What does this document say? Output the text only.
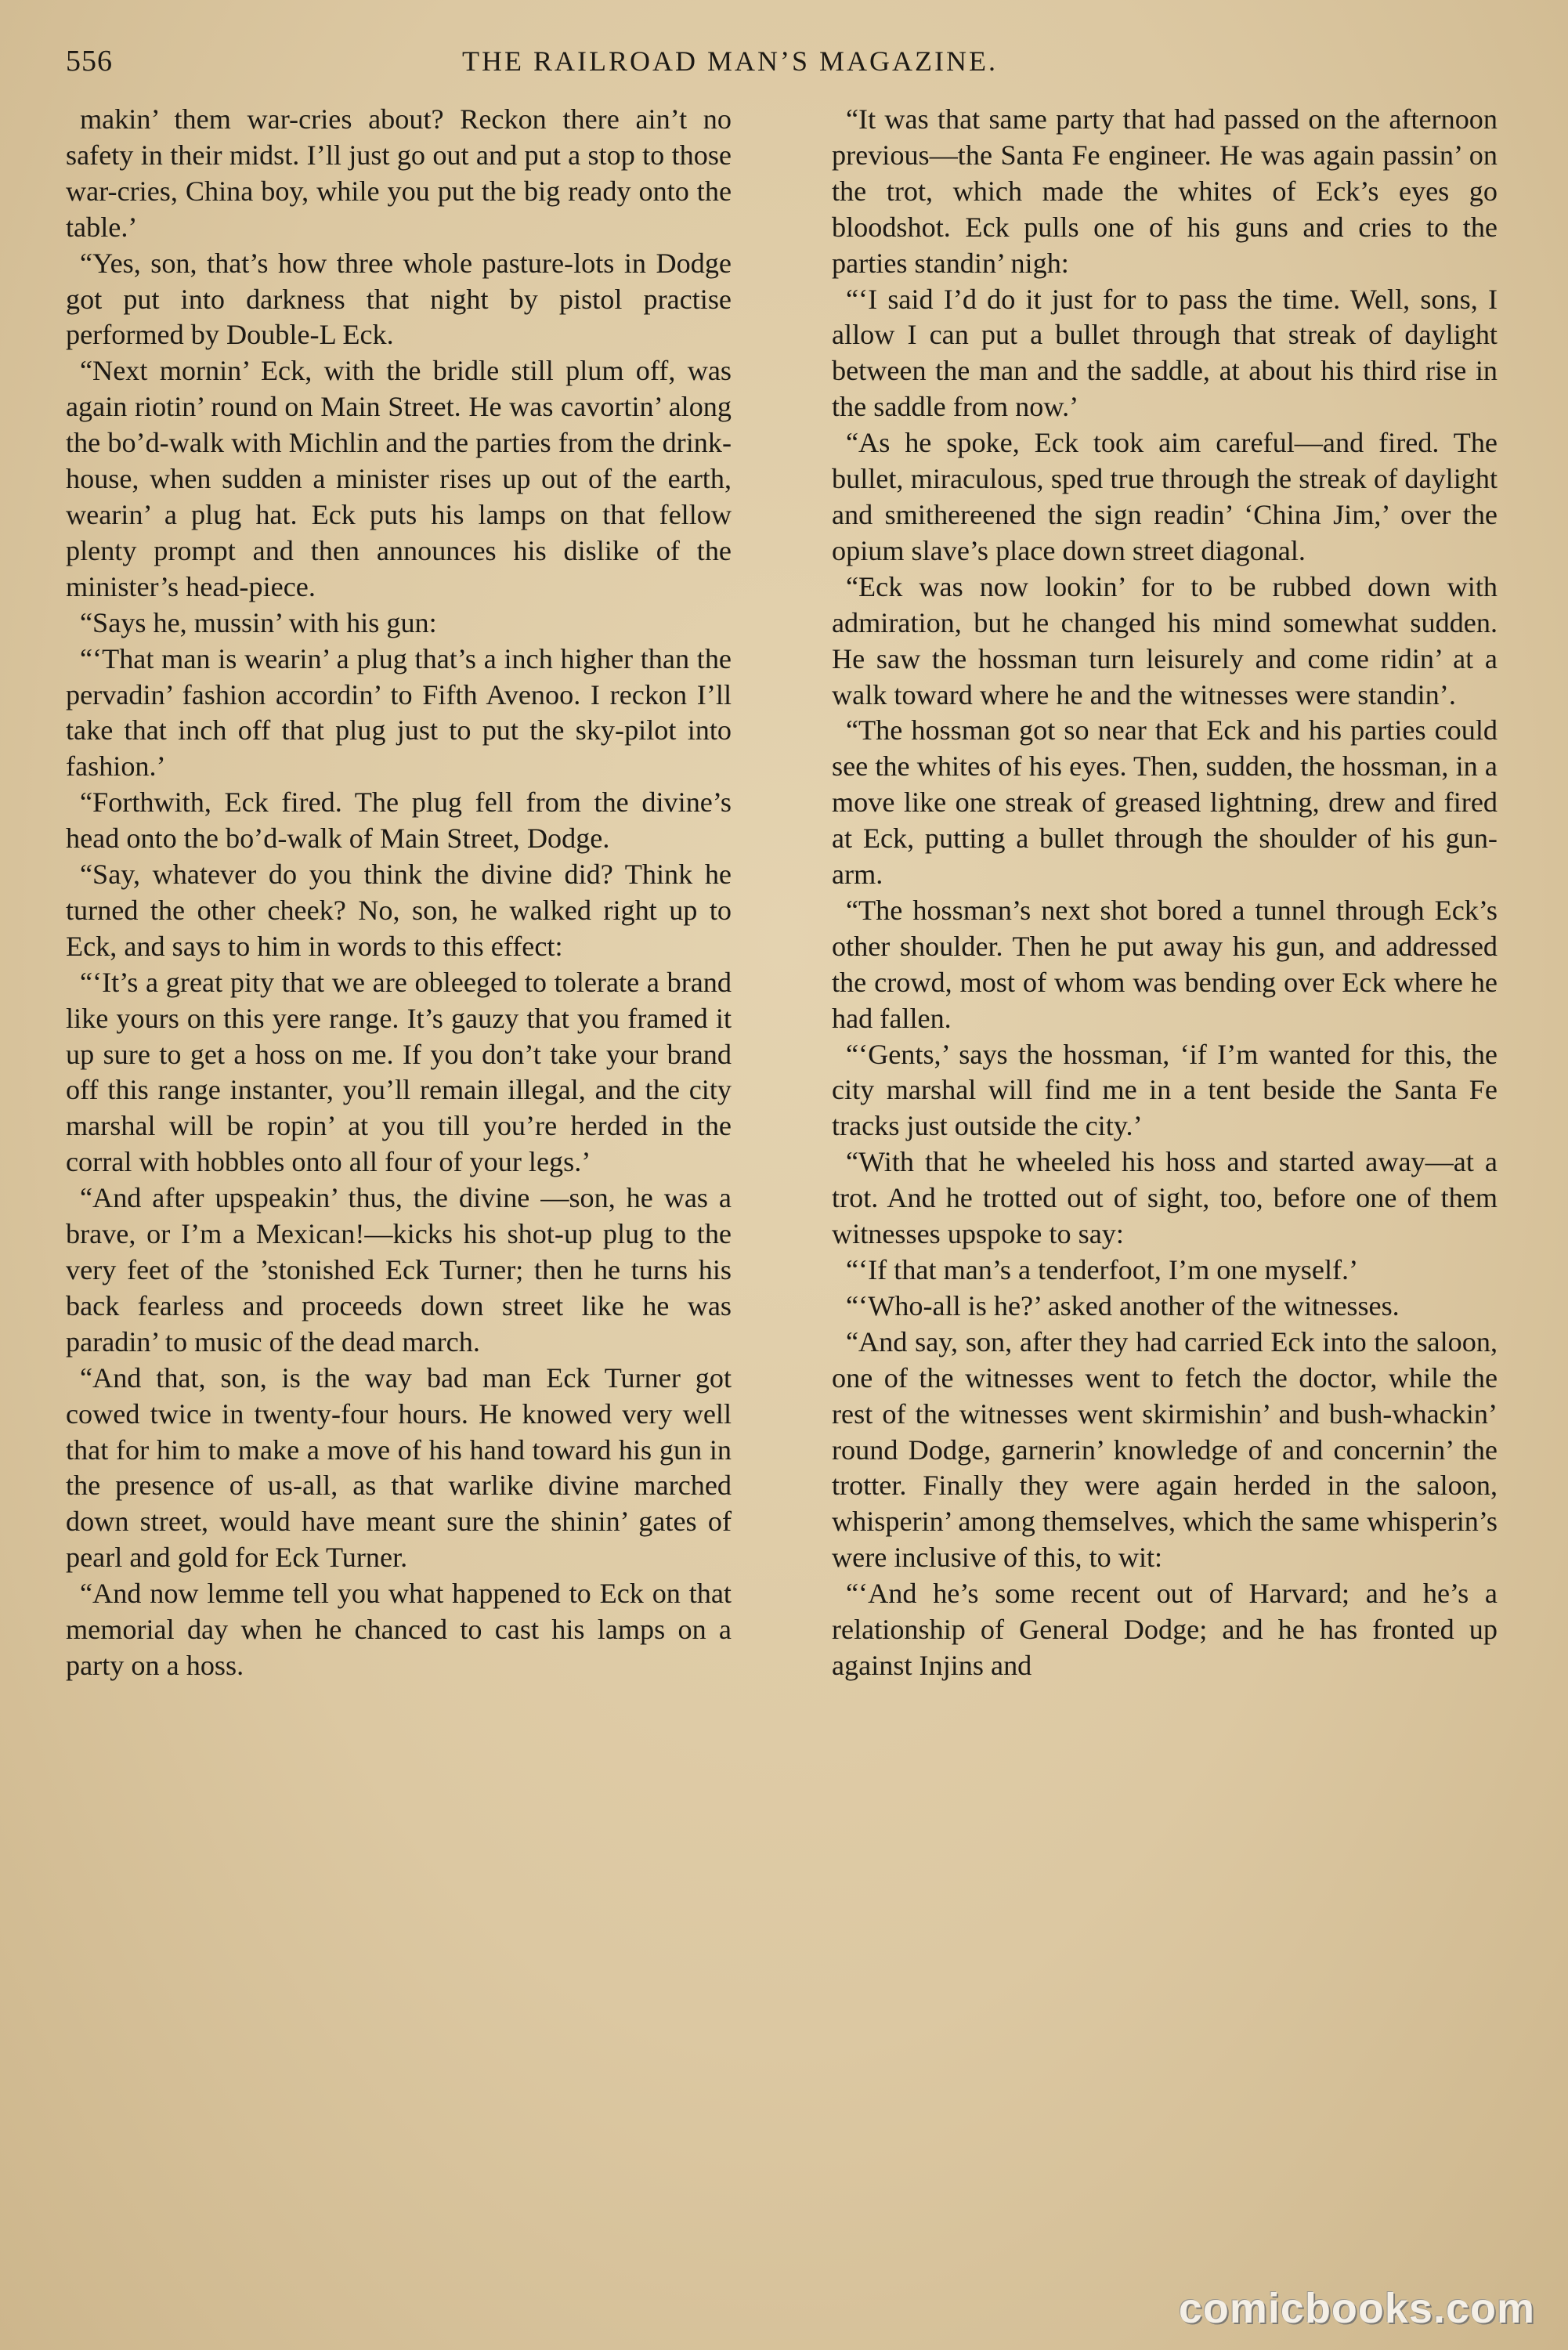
556	THE RAILROAD MAN’S MAGAZINE.

makin’ them war-cries about? Reckon there ain’t no safety in their midst. I’ll just go out and put a stop to those war-cries, China boy, while you put the big ready onto the table.’

“Yes, son, that’s how three whole pasture-lots in Dodge got put into darkness that night by pistol practise performed by Double-L Eck.

“Next mornin’ Eck, with the bridle still plum off, was again riotin’ round on Main Street. He was cavortin’ along the bo’d-walk with Michlin and the parties from the drink-house, when sudden a minister rises up out of the earth, wearin’ a plug hat. Eck puts his lamps on that fellow plenty prompt and then announces his dislike of the minister’s head-piece.

“Says he, mussin’ with his gun:

“‘That man is wearin’ a plug that’s a inch higher than the pervadin’ fashion accordin’ to Fifth Avenoo. I reckon I’ll take that inch off that plug just to put the sky-pilot into fashion.’

“Forthwith, Eck fired. The plug fell from the divine’s head onto the bo’d-walk of Main Street, Dodge.

“Say, whatever do you think the divine did? Think he turned the other cheek? No, son, he walked right up to Eck, and says to him in words to this effect:

“‘It’s a great pity that we are obleeged to tolerate a brand like yours on this yere range. It’s gauzy that you framed it up sure to get a hoss on me. If you don’t take your brand off this range instanter, you’ll remain illegal, and the city marshal will be ropin’ at you till you’re herded in the corral with hobbles onto all four of your legs.’

“And after upspeakin’ thus, the divine —son, he was a brave, or I’m a Mexican!—kicks his shot-up plug to the very feet of the ’stonished Eck Turner; then he turns his back fearless and proceeds down street like he was paradin’ to music of the dead march.

“And that, son, is the way bad man Eck Turner got cowed twice in twenty-four hours. He knowed very well that for him to make a move of his hand toward his gun in the presence of us-all, as that warlike divine marched down street, would have meant sure the shinin’ gates of pearl and gold for Eck Turner.

“And now lemme tell you what happened to Eck on that memorial day when he chanced to cast his lamps on a party on a hoss.

“It was that same party that had passed on the afternoon previous—the Santa Fe engineer. He was again passin’ on the trot, which made the whites of Eck’s eyes go bloodshot. Eck pulls one of his guns and cries to the parties standin’ nigh:

“‘I said I’d do it just for to pass the time. Well, sons, I allow I can put a bullet through that streak of daylight between the man and the saddle, at about his third rise in the saddle from now.’

“As he spoke, Eck took aim careful—and fired. The bullet, miraculous, sped true through the streak of daylight and smithereened the sign readin’ ‘China Jim,’ over the opium slave’s place down street diagonal.

“Eck was now lookin’ for to be rubbed down with admiration, but he changed his mind somewhat sudden. He saw the hossman turn leisurely and come ridin’ at a walk toward where he and the witnesses were standin’.

“The hossman got so near that Eck and his parties could see the whites of his eyes. Then, sudden, the hossman, in a move like one streak of greased lightning, drew and fired at Eck, putting a bullet through the shoulder of his gun-arm.

“The hossman’s next shot bored a tunnel through Eck’s other shoulder. Then he put away his gun, and addressed the crowd, most of whom was bending over Eck where he had fallen.

“‘Gents,’ says the hossman, ‘if I’m wanted for this, the city marshal will find me in a tent beside the Santa Fe tracks just outside the city.’

“With that he wheeled his hoss and started away—at a trot. And he trotted out of sight, too, before one of them witnesses upspoke to say:

“‘If that man’s a tenderfoot, I’m one myself.’

“‘Who-all is he?’ asked another of the witnesses.

“And say, son, after they had carried Eck into the saloon, one of the witnesses went to fetch the doctor, while the rest of the witnesses went skirmishin’ and bush-whackin’ round Dodge, garnerin’ knowledge of and concernin’ the trotter. Finally they were again herded in the saloon, whisperin’ among themselves, which the same whisperin’s were inclusive of this, to wit:

“‘And he’s some recent out of Harvard; and he’s a relationship of General Dodge; and he has fronted up against Injins and

comicbooks.com
